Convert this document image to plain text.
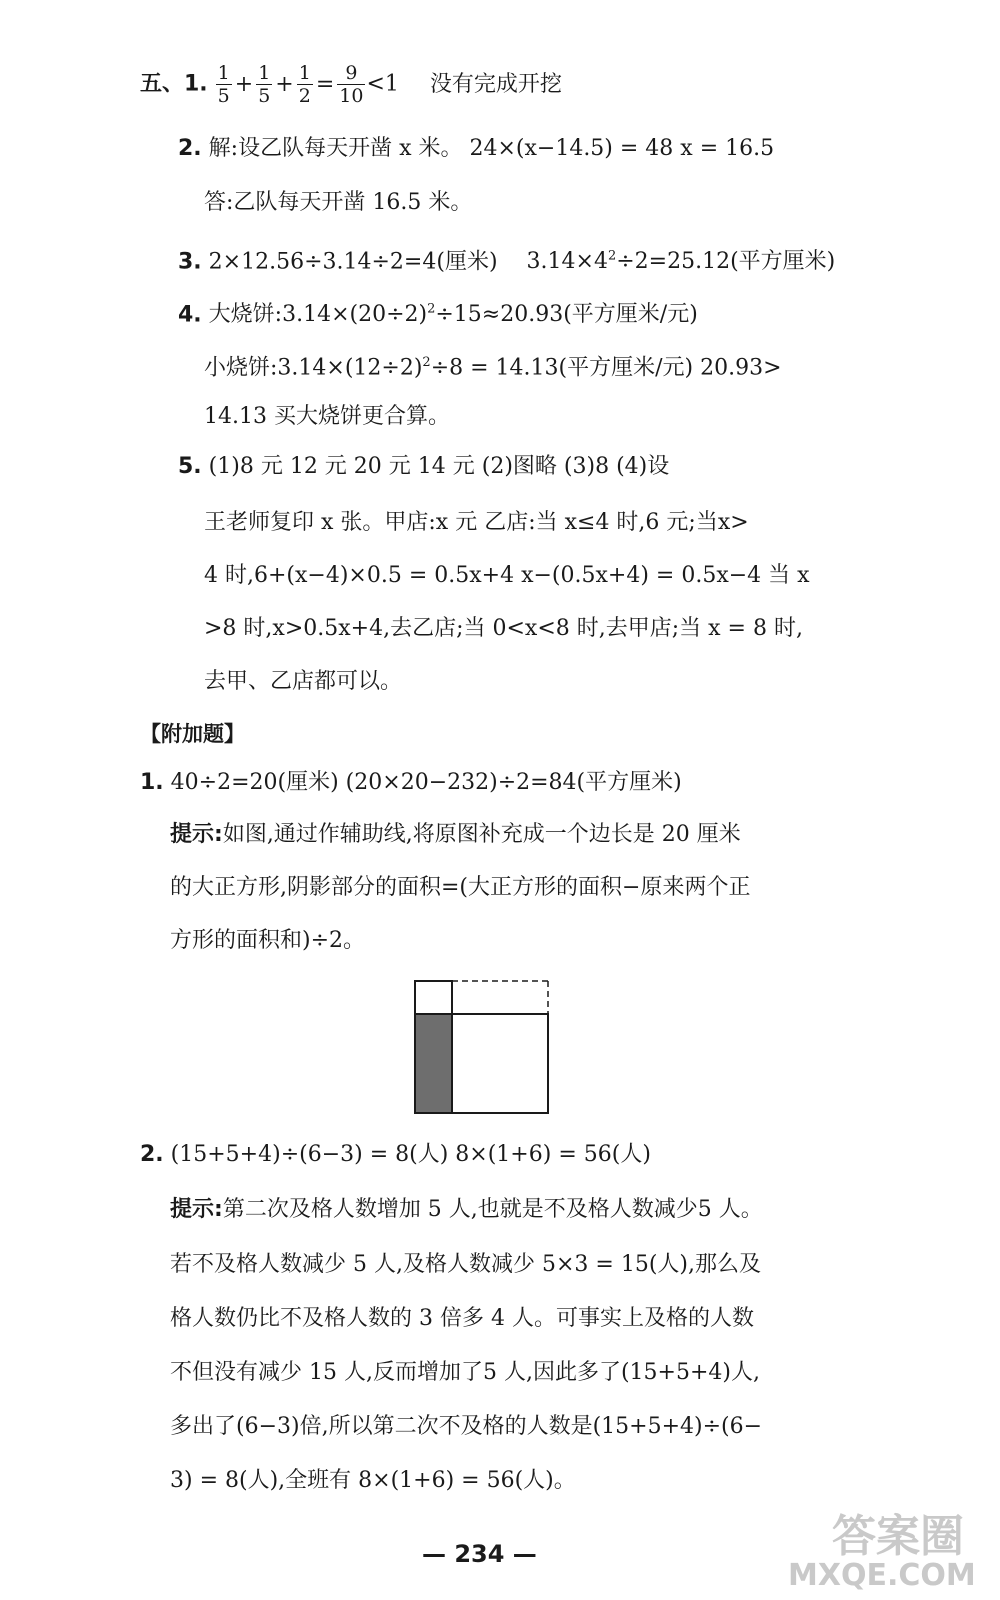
五、1. $\frac{1}{5} + \frac{1}{5} + \frac{1}{2} = \frac{9}{10} <1$ 没有完成开挖
2. 解:设乙队每天开凿 x 米。 24×(x−14.5) = 48 x = 16.5
答:乙队每天开凿 16.5 米。
3. 2×12.56÷3.14÷2=4(厘米) $3.14\times 4^2\div 2=25.12$(平方厘米)
4. 大烧饼$:3.14\times(20\div 2)^2\div 15\approx 20.93$(平方厘米/元)
小烧饼$:3.14\times(12\div 2)^2\div 8 = 14.13$(平方厘米/元) 20.93>
14.13 买大烧饼更合算。
5. (1)8 元 12 元 20 元 14 元 (2)图略 (3)8 (4)设
王老师复印 x 张。甲店:x 元 乙店:当 x≤4 时,6 元;当x>
4 时,6+(x−4)×0.5 = 0.5x+4 x−(0.5x+4) = 0.5x−4 当 x
>8 时,x>0.5x+4,去乙店;当 0<x<8 时,去甲店;当 x = 8 时,
去甲、乙店都可以。
【附加题】
1. 40÷2=20(厘米) (20×20−232)÷2=84(平方厘米)
提示:如图,通过作辅助线,将原图补充成一个边长是 20 厘米
的大正方形,阴影部分的面积=(大正方形的面积−原来两个正
方形的面积和)÷2。
2. (15+5+4)÷(6−3) = 8(人) 8×(1+6) = 56(人)
提示:第二次及格人数增加 5 人,也就是不及格人数减少5 人。
若不及格人数减少 5 人,及格人数减少 5×3 = 15(人),那么及
格人数仍比不及格人数的 3 倍多 4 人。可事实上及格的人数
不但没有减少 15 人,反而增加了5 人,因此多了(15+5+4)人,
多出了(6−3)倍,所以第二次不及格的人数是(15+5+4)÷(6−
3) = 8(人),全班有 8×(1+6) = 56(人)。
— 234 —	答案圈
MXQE.COM
